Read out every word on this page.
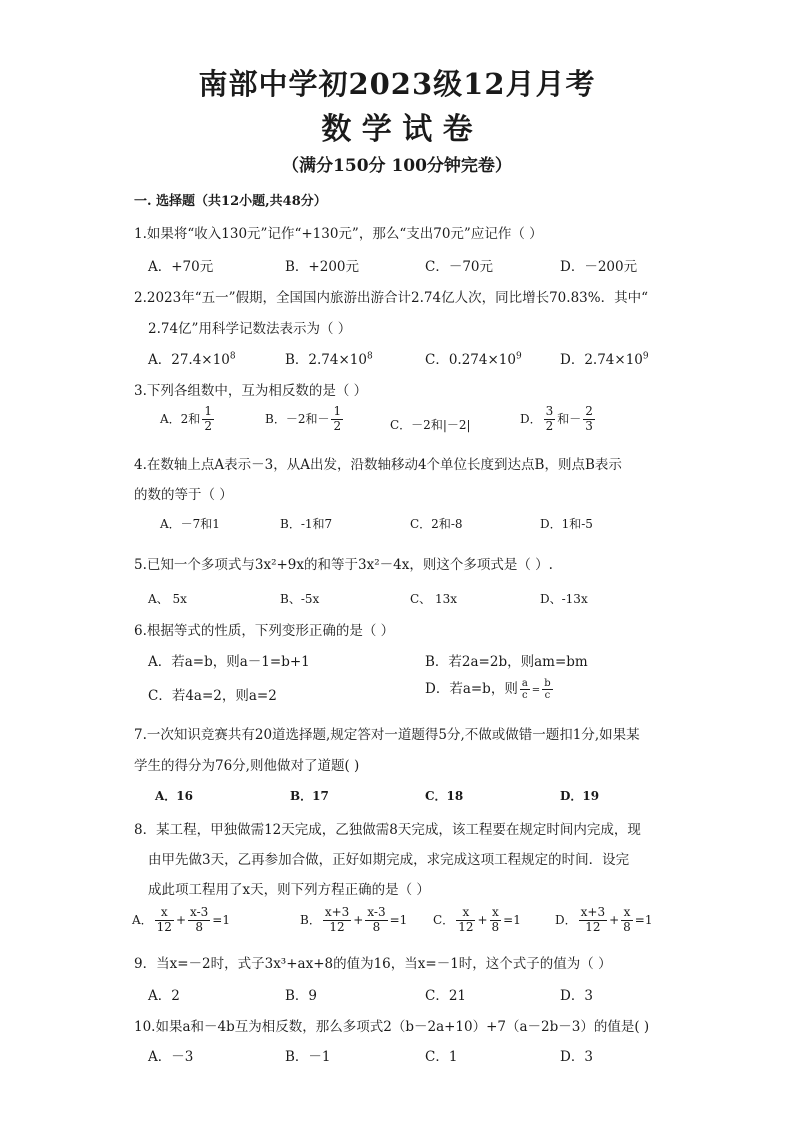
南部中学初2023级12月月考
数 学 试 卷
（满分150分 100分钟完卷）
一. 选择题（共12小题,共48分）
1.如果将“收入130元”记作“+130元”，那么“支出70元”应记作（ ）
A．+70元	B．+200元	C．－70元	D．－200元
2.2023年“五一”假期，全国国内旅游出游合计2.74亿人次，同比增长70.83%．其中“
2.74亿”用科学记数法表示为（ ）
A．$27.4\times 10^8$	B．$2.74\times 10^8$	C．$0.274\times 10^9$	D．$2.74\times 10^9$
3.下列各组数中，互为相反数的是（ ）
A．2和 $\frac{1}{2}$	B．－2和－ $\frac{1}{2}$	C．－2和|－2|	D． $\frac{3}{2}$ 和－ $\frac{2}{3}$
4.在数轴上点A表示－3，从A出发，沿数轴移动4个单位长度到达点B，则点B表示
的数的等于（ ）
A．－7和1	B．-1和7	C．2和-8	D．1和-5
5.已知一个多项式与3x²+9x的和等于3x²－4x，则这个多项式是（ ）.
A、 5x	B、-5x	C、 13x	D、-13x
6.根据等式的性质，下列变形正确的是（ ）
A．若a=b，则a－1=b+1	B．若2a=2b，则am=bm
C．若4a=2，则a=2	D．若a=b，则 $\frac{a}{c} = \frac{b}{c}$
7.一次知识竞赛共有20道选择题,规定答对一道题得5分,不做或做错一题扣1分,如果某
学生的得分为76分,则他做对了道题( )
A．16	B．17	C．18	D．19
8．某工程，甲独做需12天完成，乙独做需8天完成，该工程要在规定时间内完成，现
由甲先做3天，乙再参加合做，正好如期完成，求完成这项工程规定的时间．设完
成此项工程用了x天，则下列方程正确的是（ ）
A． $\frac{x}{12} + \frac{x-3}{8} =1$	B． $\frac{x+3}{12} + \frac{x-3}{8} =1$ C． $\frac{x}{12} + \frac{x}{8} =1$	D． $\frac{x+3}{12} + \frac{x}{8} =1$
9．当x=－2时，式子3x³+ax+8的值为16，当x=－1时，这个式子的值为（ ）
A．2	B．9	C．21	D．3
10.如果a和－4b互为相反数，那么多项式2（b－2a+10）+7（a－2b－3）的值是( )
A．－3	B．－1	C．1	D．3
